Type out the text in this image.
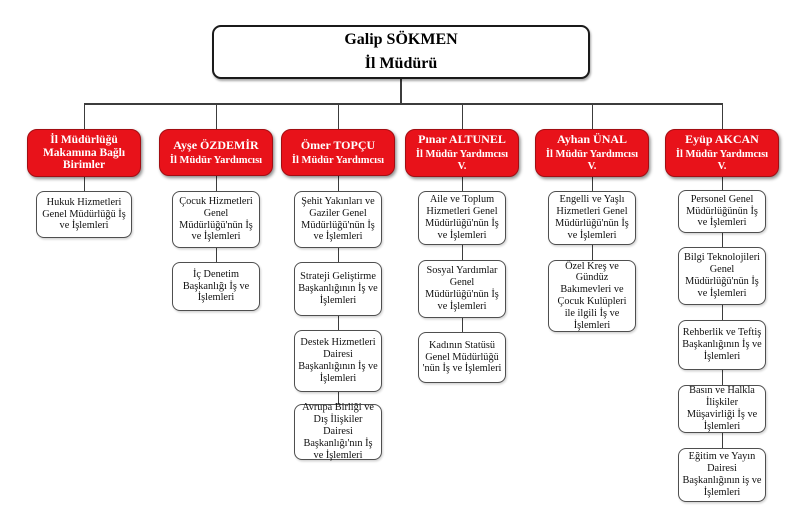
Galip SÖKMEN
İl Müdürü
İl Müdürlüğü Makamına Bağlı Birimler
Hukuk Hizmetleri Genel Müdürlüğü İş ve İşlemleri
Ayşe ÖZDEMİR
İl Müdür Yardımcısı
Çocuk Hizmetleri Genel Müdürlüğü'nün İş ve İşlemleri
İç Denetim Başkanlığı İş ve İşlemleri
Ömer TOPÇU
İl Müdür Yardımcısı
Şehit Yakınları ve Gaziler Genel Müdürlüğü'nün İş ve İşlemleri
Strateji Geliştirme Başkanlığının İş ve İşlemleri
Destek Hizmetleri Dairesi Başkanlığının İş ve İşlemleri
Avrupa Birliği ve Dış İlişkiler Dairesi Başkanlığı'nın İş ve İşlemleri
Pınar ALTUNEL
İl Müdür Yardımcısı
V.
Aile ve Toplum Hizmetleri Genel Müdürlüğü'nün İş ve İşlemleri
Sosyal Yardımlar Genel Müdürlüğü'nün İş ve İşlemleri
Kadının Statüsü Genel Müdürlüğü 'nün İş ve İşlemleri
Ayhan ÜNAL
İl Müdür Yardımcısı
V.
Engelli ve Yaşlı Hizmetleri Genel Müdürlüğü'nün İş ve İşlemleri
Özel Kreş ve Gündüz Bakımevleri ve Çocuk Kulüpleri ile ilgili İş ve İşlemleri
Eyüp AKCAN
İl Müdür Yardımcısı
V.
Personel Genel Müdürlüğünün İş ve İşlemleri
Bilgi Teknolojileri Genel Müdürlüğü'nün İş ve İşlemleri
Rehberlik ve Teftiş Başkanlığının İş ve İşlemleri
Basın ve Halkla İlişkiler Müşavirliği İş ve İşlemleri
Eğitim ve Yayın Dairesi Başkanlığının iş ve İşlemleri
